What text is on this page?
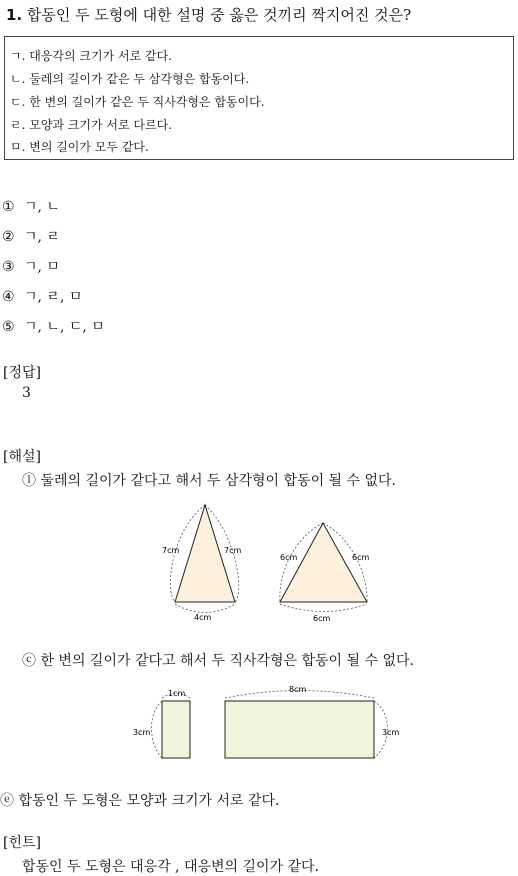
1. 합동인 두 도형에 대한 설명 중 옳은 것끼리 짝지어진 것은?
ㄱ. 대응각의 크기가 서로 같다.
ㄴ. 둘레의 길이가 같은 두 삼각형은 합동이다.
ㄷ. 한 변의 길이가 같은 두 직사각형은 합동이다.
ㄹ. 모양과 크기가 서로 다르다.
ㅁ. 변의 길이가 모두 같다.
① ㄱ, ㄴ
② ㄱ, ㄹ
③ ㄱ, ㅁ
④ ㄱ, ㄹ, ㅁ
⑤ ㄱ, ㄴ, ㄷ, ㅁ
[정답]
3
[해설]
ⓛ 둘레의 길이가 같다고 해서 두 삼각형이 합동이 될 수 없다.
7cm	7cm
4cm
6cm	6cm
6cm
ⓒ 한 변의 길이가 같다고 해서 두 직사각형은 합동이 될 수 없다.
1cm
3cm
8cm
3cm
ⓔ 합동인 두 도형은 모양과 크기가 서로 같다.
[힌트]
합동인 두 도형은 대응각 , 대응변의 길이가 같다.
